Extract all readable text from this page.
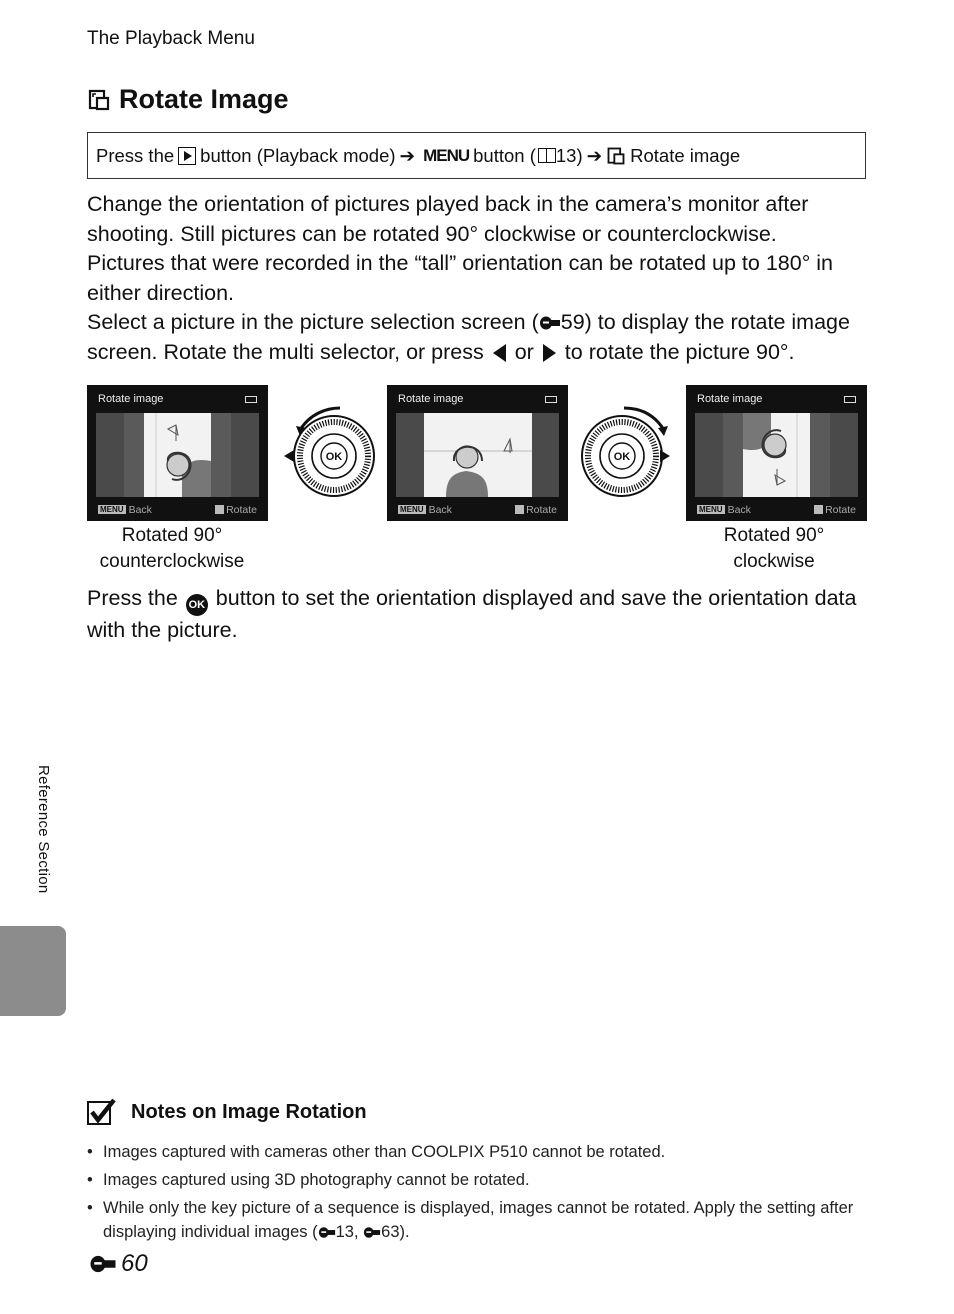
The Playback Menu
Rotate Image
Press the button (Playback mode) ➔ MENU button ( 13) ➔ Rotate image
Change the orientation of pictures played back in the camera’s monitor after shooting. Still pictures can be rotated 90° clockwise or counterclockwise.
Pictures that were recorded in the “tall” orientation can be rotated up to 180° in either direction.
Select a picture in the picture selection screen ( 59) to display the rotate image screen. Rotate the multi selector, or press or to rotate the picture 90°.
Rotate image
MENU Back	Rotate
OK
Rotate image
MENU Back	Rotate
OK
Rotate image
MENU Back	Rotate
Rotated 90°
counterclockwise
Rotated 90°
clockwise
Press the OK button to set the orientation displayed and save the orientation data with the picture.
Reference Section
Notes on Image Rotation
• Images captured with cameras other than COOLPIX P510 cannot be rotated.
• Images captured using 3D photography cannot be rotated.
• While only the key picture of a sequence is displayed, images cannot be rotated. Apply the setting after displaying individual images ( 13, 63).
60
